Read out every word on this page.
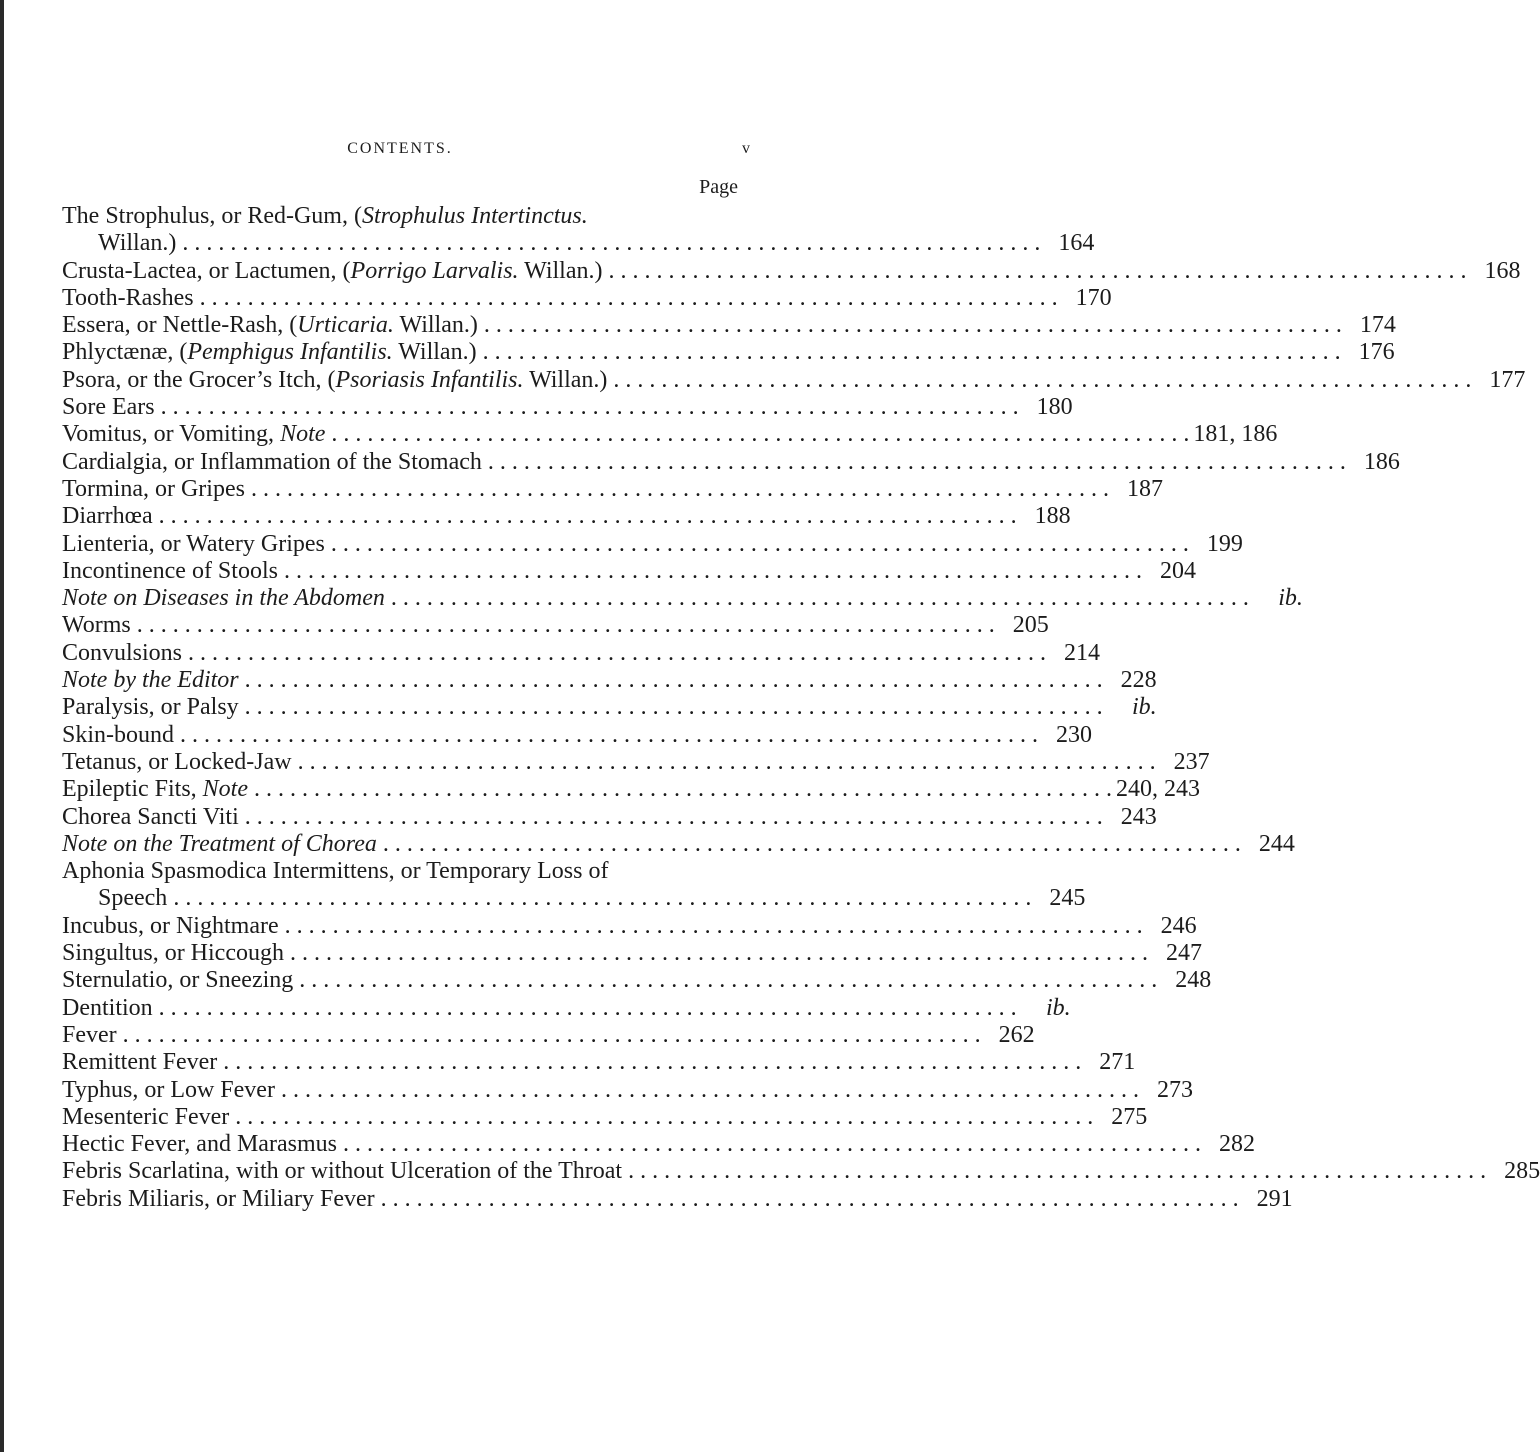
CONTENTS.	v
Page
The Strophulus, or Red-Gum, (Strophulus Intertinctus.
Willan.) . . . . . . . . . . . . . . . . . . . . . . . . . . . . . . . . . . . . . . . . . . . . . . . . . . . . . . . . . . . . . . . . . . . . . . . . 164
Crusta-Lactea, or Lactumen, (Porrigo Larvalis. Willan.) . . . . . . . . . . . . . . . . . . . . . . . . . . . . . . . . . . . . . . . . . . . . . . . . . . . . . . . . . . . . . . . . . . . . . . . . 168
Tooth-Rashes . . . . . . . . . . . . . . . . . . . . . . . . . . . . . . . . . . . . . . . . . . . . . . . . . . . . . . . . . . . . . . . . . . . . . . . . 170
Essera, or Nettle-Rash, (Urticaria. Willan.) . . . . . . . . . . . . . . . . . . . . . . . . . . . . . . . . . . . . . . . . . . . . . . . . . . . . . . . . . . . . . . . . . . . . . . . . 174
Phlyctænæ, (Pemphigus Infantilis. Willan.) . . . . . . . . . . . . . . . . . . . . . . . . . . . . . . . . . . . . . . . . . . . . . . . . . . . . . . . . . . . . . . . . . . . . . . . . 176
Psora, or the Grocer’s Itch, (Psoriasis Infantilis. Willan.) . . . . . . . . . . . . . . . . . . . . . . . . . . . . . . . . . . . . . . . . . . . . . . . . . . . . . . . . . . . . . . . . . . . . . . . . 177
Sore Ears . . . . . . . . . . . . . . . . . . . . . . . . . . . . . . . . . . . . . . . . . . . . . . . . . . . . . . . . . . . . . . . . . . . . . . . . 180
Vomitus, or Vomiting, Note . . . . . . . . . . . . . . . . . . . . . . . . . . . . . . . . . . . . . . . . . . . . . . . . . . . . . . . . . . . . . . . . . . . . . . . . 181, 186
Cardialgia, or Inflammation of the Stomach . . . . . . . . . . . . . . . . . . . . . . . . . . . . . . . . . . . . . . . . . . . . . . . . . . . . . . . . . . . . . . . . . . . . . . . . 186
Tormina, or Gripes . . . . . . . . . . . . . . . . . . . . . . . . . . . . . . . . . . . . . . . . . . . . . . . . . . . . . . . . . . . . . . . . . . . . . . . . 187
Diarrhœa . . . . . . . . . . . . . . . . . . . . . . . . . . . . . . . . . . . . . . . . . . . . . . . . . . . . . . . . . . . . . . . . . . . . . . . . 188
Lienteria, or Watery Gripes . . . . . . . . . . . . . . . . . . . . . . . . . . . . . . . . . . . . . . . . . . . . . . . . . . . . . . . . . . . . . . . . . . . . . . . . 199
Incontinence of Stools . . . . . . . . . . . . . . . . . . . . . . . . . . . . . . . . . . . . . . . . . . . . . . . . . . . . . . . . . . . . . . . . . . . . . . . . 204
Note on Diseases in the Abdomen . . . . . . . . . . . . . . . . . . . . . . . . . . . . . . . . . . . . . . . . . . . . . . . . . . . . . . . . . . . . . . . . . . . . . . . .	ib.
Worms . . . . . . . . . . . . . . . . . . . . . . . . . . . . . . . . . . . . . . . . . . . . . . . . . . . . . . . . . . . . . . . . . . . . . . . . 205
Convulsions . . . . . . . . . . . . . . . . . . . . . . . . . . . . . . . . . . . . . . . . . . . . . . . . . . . . . . . . . . . . . . . . . . . . . . . . 214
Note by the Editor . . . . . . . . . . . . . . . . . . . . . . . . . . . . . . . . . . . . . . . . . . . . . . . . . . . . . . . . . . . . . . . . . . . . . . . . 228
Paralysis, or Palsy . . . . . . . . . . . . . . . . . . . . . . . . . . . . . . . . . . . . . . . . . . . . . . . . . . . . . . . . . . . . . . . . . . . . . . . .	ib.
Skin-bound . . . . . . . . . . . . . . . . . . . . . . . . . . . . . . . . . . . . . . . . . . . . . . . . . . . . . . . . . . . . . . . . . . . . . . . . 230
Tetanus, or Locked-Jaw . . . . . . . . . . . . . . . . . . . . . . . . . . . . . . . . . . . . . . . . . . . . . . . . . . . . . . . . . . . . . . . . . . . . . . . . 237
Epileptic Fits, Note . . . . . . . . . . . . . . . . . . . . . . . . . . . . . . . . . . . . . . . . . . . . . . . . . . . . . . . . . . . . . . . . . . . . . . . . 240, 243
Chorea Sancti Viti . . . . . . . . . . . . . . . . . . . . . . . . . . . . . . . . . . . . . . . . . . . . . . . . . . . . . . . . . . . . . . . . . . . . . . . . 243
Note on the Treatment of Chorea . . . . . . . . . . . . . . . . . . . . . . . . . . . . . . . . . . . . . . . . . . . . . . . . . . . . . . . . . . . . . . . . . . . . . . . . 244
Aphonia Spasmodica Intermittens, or Temporary Loss of
Speech . . . . . . . . . . . . . . . . . . . . . . . . . . . . . . . . . . . . . . . . . . . . . . . . . . . . . . . . . . . . . . . . . . . . . . . . 245
Incubus, or Nightmare . . . . . . . . . . . . . . . . . . . . . . . . . . . . . . . . . . . . . . . . . . . . . . . . . . . . . . . . . . . . . . . . . . . . . . . . 246
Singultus, or Hiccough . . . . . . . . . . . . . . . . . . . . . . . . . . . . . . . . . . . . . . . . . . . . . . . . . . . . . . . . . . . . . . . . . . . . . . . . 247
Sternulatio, or Sneezing . . . . . . . . . . . . . . . . . . . . . . . . . . . . . . . . . . . . . . . . . . . . . . . . . . . . . . . . . . . . . . . . . . . . . . . . 248
Dentition . . . . . . . . . . . . . . . . . . . . . . . . . . . . . . . . . . . . . . . . . . . . . . . . . . . . . . . . . . . . . . . . . . . . . . . .	ib.
Fever . . . . . . . . . . . . . . . . . . . . . . . . . . . . . . . . . . . . . . . . . . . . . . . . . . . . . . . . . . . . . . . . . . . . . . . . 262
Remittent Fever . . . . . . . . . . . . . . . . . . . . . . . . . . . . . . . . . . . . . . . . . . . . . . . . . . . . . . . . . . . . . . . . . . . . . . . . 271
Typhus, or Low Fever . . . . . . . . . . . . . . . . . . . . . . . . . . . . . . . . . . . . . . . . . . . . . . . . . . . . . . . . . . . . . . . . . . . . . . . . 273
Mesenteric Fever . . . . . . . . . . . . . . . . . . . . . . . . . . . . . . . . . . . . . . . . . . . . . . . . . . . . . . . . . . . . . . . . . . . . . . . . 275
Hectic Fever, and Marasmus . . . . . . . . . . . . . . . . . . . . . . . . . . . . . . . . . . . . . . . . . . . . . . . . . . . . . . . . . . . . . . . . . . . . . . . . 282
Febris Scarlatina, with or without Ulceration of the Throat . . . . . . . . . . . . . . . . . . . . . . . . . . . . . . . . . . . . . . . . . . . . . . . . . . . . . . . . . . . . . . . . . . . . . . . . 285
Febris Miliaris, or Miliary Fever . . . . . . . . . . . . . . . . . . . . . . . . . . . . . . . . . . . . . . . . . . . . . . . . . . . . . . . . . . . . . . . . . . . . . . . . 291
